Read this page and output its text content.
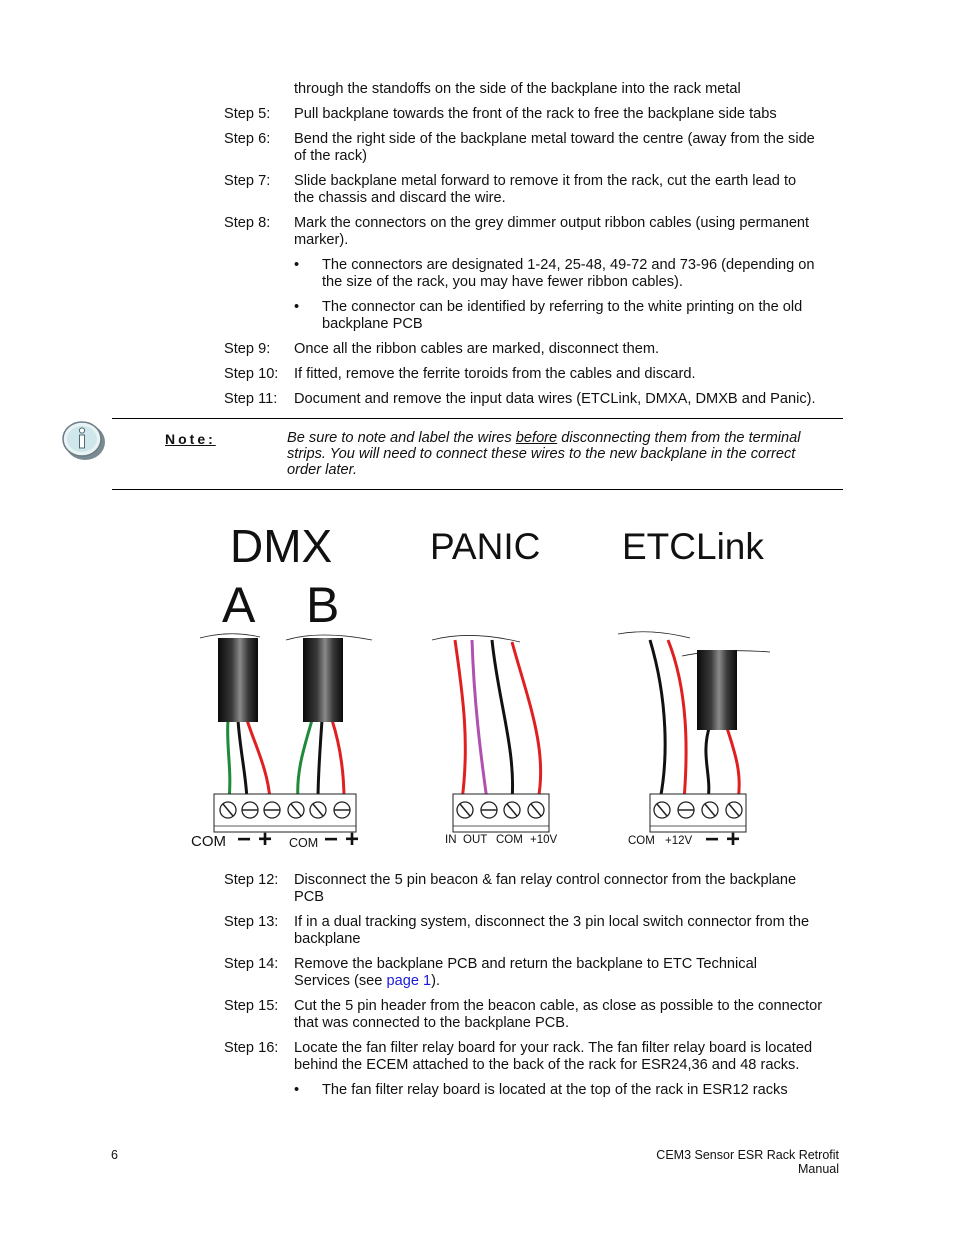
through the standoffs on the side of the backplane into the rack metal
Step 5: Pull backplane towards the front of the rack to free the backplane side tabs
Step 6: Bend the right side of the backplane metal toward the centre (away from the side
of the rack)
Step 7: Slide backplane metal forward to remove it from the rack, cut the earth lead to
the chassis and discard the wire.
Step 8: Mark the connectors on the grey dimmer output ribbon cables (using permanent
marker).
• The connectors are designated 1-24, 25-48, 49-72 and 73-96 (depending on
the size of the rack, you may have fewer ribbon cables).
• The connector can be identified by referring to the white printing on the old
backplane PCB
Step 9: Once all the ribbon cables are marked, disconnect them.
Step 10: If fitted, remove the ferrite toroids from the cables and discard.
Step 11: Document and remove the input data wires (ETCLink, DMXA, DMXB and Panic).
Note:	Be sure to note and label the wires before disconnecting them from the terminal
strips. You will need to connect these wires to the new backplane in the correct
order later.
DMX
A B
PANIC ETCLink
COM − + COM − +	IN OUT COM +10V	COM +12V − +
Step 12: Disconnect the 5 pin beacon & fan relay control connector from the backplane
PCB
Step 13: If in a dual tracking system, disconnect the 3 pin local switch connector from the
backplane
Step 14: Remove the backplane PCB and return the backplane to ETC Technical
Services (see page 1).
Step 15: Cut the 5 pin header from the beacon cable, as close as possible to the connector
that was connected to the backplane PCB.
Step 16: Locate the fan filter relay board for your rack. The fan filter relay board is located
behind the ECEM attached to the back of the rack for ESR24,36 and 48 racks.
• The fan filter relay board is located at the top of the rack in ESR12 racks
6	CEM3 Sensor ESR Rack Retrofit Manual
